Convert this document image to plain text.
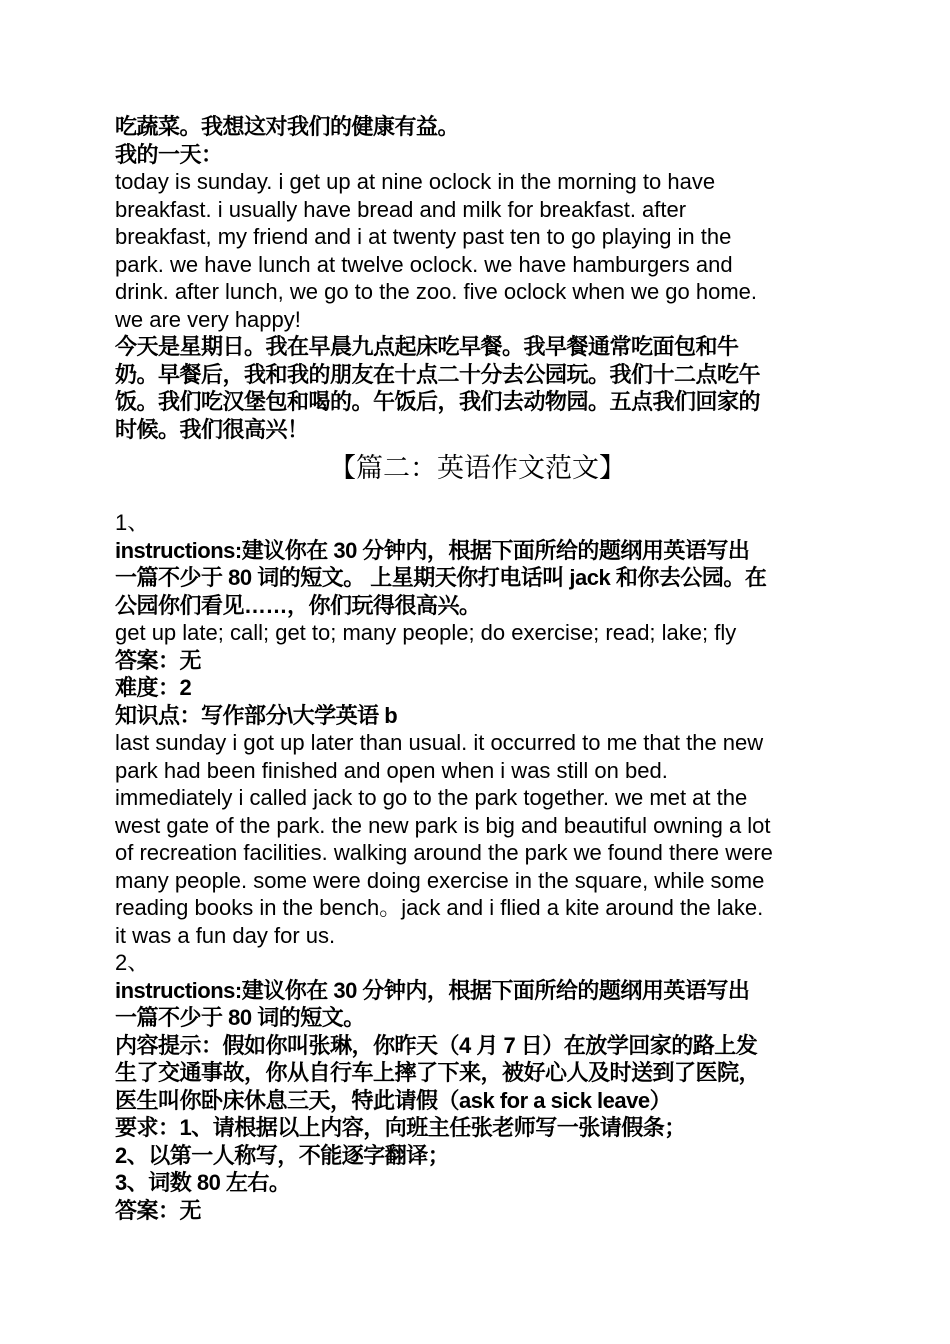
吃蔬菜。我想这对我们的健康有益。
我的一天：
today is sunday. i get up at nine oclock in the morning to have
breakfast. i usually have bread and milk for breakfast. after
breakfast, my friend and i at twenty past ten to go playing in the
park. we have lunch at twelve oclock. we have hamburgers and
drink. after lunch, we go to the zoo. five oclock when we go home.
we are very happy!
今天是星期日。我在早晨九点起床吃早餐。我早餐通常吃面包和牛
奶。早餐后，我和我的朋友在十点二十分去公园玩。我们十二点吃午
饭。我们吃汉堡包和喝的。午饭后，我们去动物园。五点我们回家的
时候。我们很高兴！
【篇二：英语作文范文】
1、
instructions:建议你在 30 分钟内，根据下面所给的题纲用英语写出
一篇不少于 80 词的短文。 上星期天你打电话叫 jack 和你去公园。在
公园你们看见……，你们玩得很高兴。
get up late; call; get to; many people; do exercise; read; lake; fly
答案：无
难度：2
知识点：写作部分\大学英语 b
last sunday i got up later than usual. it occurred to me that the new
park had been finished and open when i was still on bed.
immediately i called jack to go to the park together. we met at the
west gate of the park. the new park is big and beautiful owning a lot
of recreation facilities. walking around the park we found there were
many people. some were doing exercise in the square, while some
reading books in the bench。jack and i flied a kite around the lake.
it was a fun day for us.
2、
instructions:建议你在 30 分钟内，根据下面所给的题纲用英语写出
一篇不少于 80 词的短文。
内容提示：假如你叫张琳，你昨天（4 月 7 日）在放学回家的路上发
生了交通事故，你从自行车上摔了下来，被好心人及时送到了医院，
医生叫你卧床休息三天，特此请假（ask for a sick leave）
要求：1、请根据以上内容，向班主任张老师写一张请假条；
2、以第一人称写，不能逐字翻译；
3、词数 80 左右。
答案：无
